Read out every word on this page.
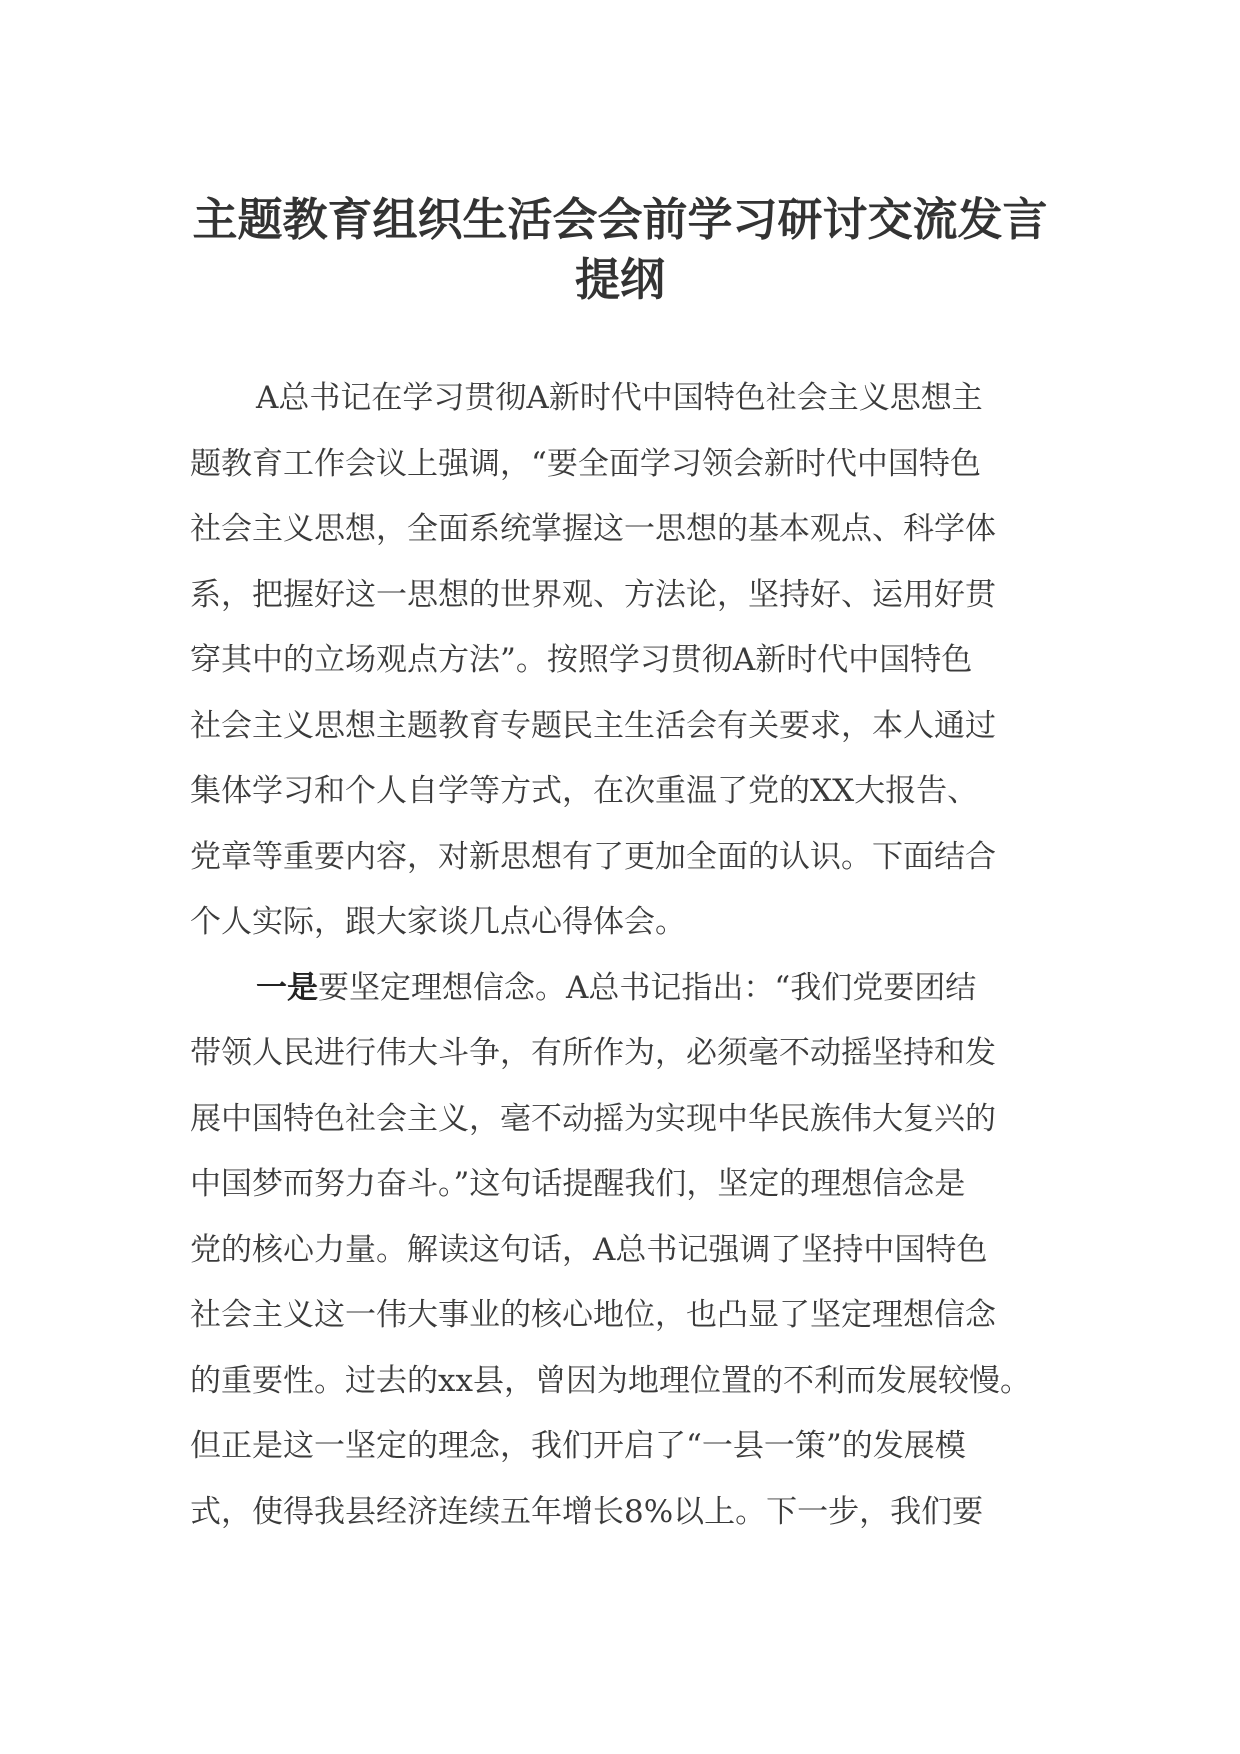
主题教育组织生活会会前学习研讨交流发言
提纲
A总书记在学习贯彻A新时代中国特色社会主义思想主
题教育工作会议上强调，“要全面学习领会新时代中国特色
社会主义思想，全面系统掌握这一思想的基本观点、科学体
系，把握好这一思想的世界观、方法论，坚持好、运用好贯
穿其中的立场观点方法”。按照学习贯彻A新时代中国特色
社会主义思想主题教育专题民主生活会有关要求，本人通过
集体学习和个人自学等方式，在次重温了党的XX大报告、
党章等重要内容，对新思想有了更加全面的认识。下面结合
个人实际，跟大家谈几点心得体会。
一是要坚定理想信念。A总书记指出：“我们党要团结
带领人民进行伟大斗争，有所作为，必须毫不动摇坚持和发
展中国特色社会主义，毫不动摇为实现中华民族伟大复兴的
中国梦而努力奋斗。”这句话提醒我们，坚定的理想信念是
党的核心力量。解读这句话，A总书记强调了坚持中国特色
社会主义这一伟大事业的核心地位，也凸显了坚定理想信念
的重要性。过去的xx县，曾因为地理位置的不利而发展较慢。
但正是这一坚定的理念，我们开启了“一县一策”的发展模
式，使得我县经济连续五年增长8%以上。下一步，我们要
